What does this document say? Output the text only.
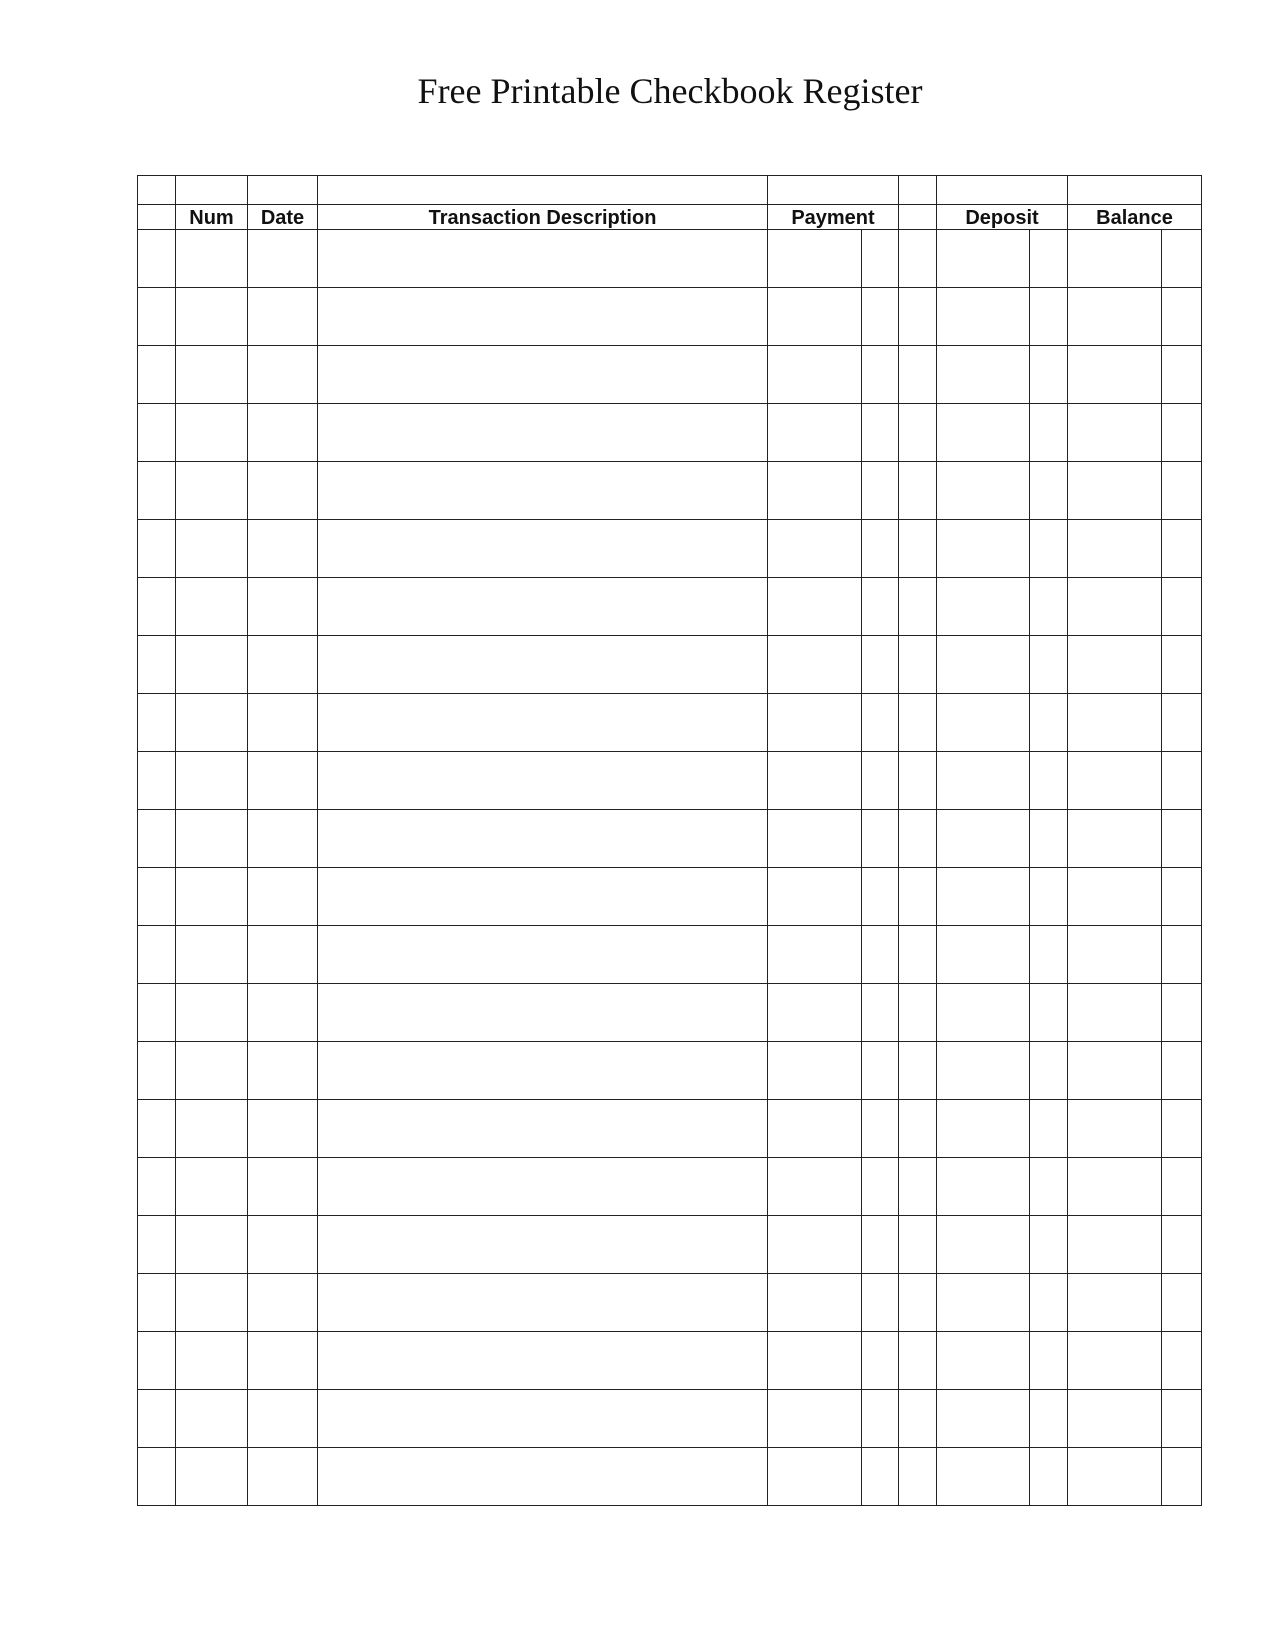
Free Printable Checkbook Register

	Num	Date	Transaction Description	Payment			Deposit		Balance	
